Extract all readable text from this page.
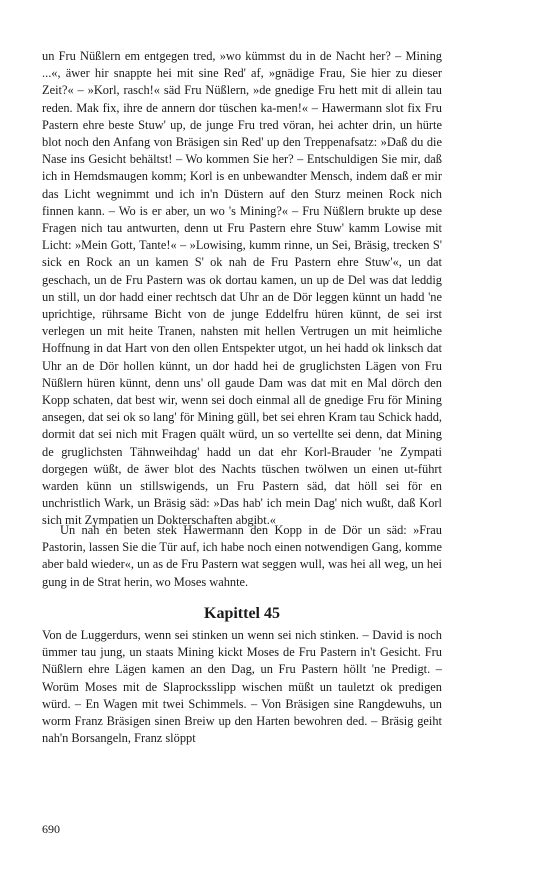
un Fru Nüßlern em entgegen tred, »wo kümmst du in de Nacht her? – Mining ...«, äwer hir snappte hei mit sine Red' af, »gnädige Frau, Sie hier zu dieser Zeit?« – »Korl, rasch!« säd Fru Nüßlern, »de gnedige Fru hett mit di allein tau reden. Mak fix, ihre de annern dor tüschen ka-men!« – Hawermann slot fix Fru Pastern ehre beste Stuw' up, de junge Fru tred vöran, hei achter drin, un hürte blot noch den Anfang von Bräsigen sin Red' up den Treppenafsatz: »Daß du die Nase ins Gesicht behältst! – Wo kommen Sie her? – Entschuldigen Sie mir, daß ich in Hemdsmaugen komm; Korl is en unbewandter Mensch, indem daß er mir das Licht wegnimmt und ich in'n Düstern auf den Sturz meinen Rock nich finnen kann. – Wo is er aber, un wo 's Mining?« – Fru Nüßlern brukte up dese Fragen nich tau antwurten, denn ut Fru Pastern ehre Stuw' kamm Lowise mit Licht: »Mein Gott, Tante!« – »Lowising, kumm rinne, un Sei, Bräsig, trecken S' sick en Rock an un kamen S' ok nah de Fru Pastern ehre Stuw'«, un dat geschach, un de Fru Pastern was ok dortau kamen, un up de Del was dat leddig un still, un dor hadd einer rechtsch dat Uhr an de Dör leggen künnt un hadd 'ne uprichtige, rührsame Bicht von de junge Eddelfru hüren künnt, de sei irst verlegen un mit heite Tranen, nahsten mit hellen Vertrugen un mit heimliche Hoffnung in dat Hart von den ollen Entspekter utgot, un hei hadd ok linksch dat Uhr an de Dör hollen künnt, un dor hadd hei de gruglichsten Lägen von Fru Nüßlern hüren künnt, denn uns' oll gaude Dam was dat mit en Mal dörch den Kopp schaten, dat best wir, wenn sei doch einmal all de gnedige Fru för Mining ansegen, dat sei ok so lang' för Mining güll, bet sei ehren Kram tau Schick hadd, dormit dat sei nich mit Fragen quält würd, un so vertellte sei denn, dat Mining de gruglichsten Tähnweihdag' hadd un dat ehr Korl-Brauder 'ne Zympati dorgegen wüßt, de äwer blot des Nachts tüschen twölwen un einen ut-führt warden künn un stillswigends, un Fru Pastern säd, dat höll sei för en unchristlich Wark, un Bräsig säd: »Das hab' ich mein Dag' nich wußt, daß Korl sich mit Zympatien un Dokterschaften abgibt.«
Un nah en beten stek Hawermann den Kopp in de Dör un säd: »Frau Pastorin, lassen Sie die Tür auf, ich habe noch einen notwendigen Gang, komme aber bald wieder«, un as de Fru Pastern wat seggen wull, was hei all weg, un hei gung in de Strat herin, wo Moses wahnte.
Kapittel 45
Von de Luggerdurs, wenn sei stinken un wenn sei nich stinken. – David is noch ümmer tau jung, un staats Mining kickt Moses de Fru Pastern in't Gesicht. Fru Nüßlern ehre Lägen kamen an den Dag, un Fru Pastern höllt 'ne Predigt. – Worüm Moses mit de Slaprocksslipp wischen müßt un tauletzt ok predigen würd. – En Wagen mit twei Schimmels. – Von Bräsigen sine Rangdewuhs, un worm Franz Bräsigen sinen Breiw up den Harten bewohren ded. – Bräsig geiht nah'n Borsangeln, Franz slöppt
690
